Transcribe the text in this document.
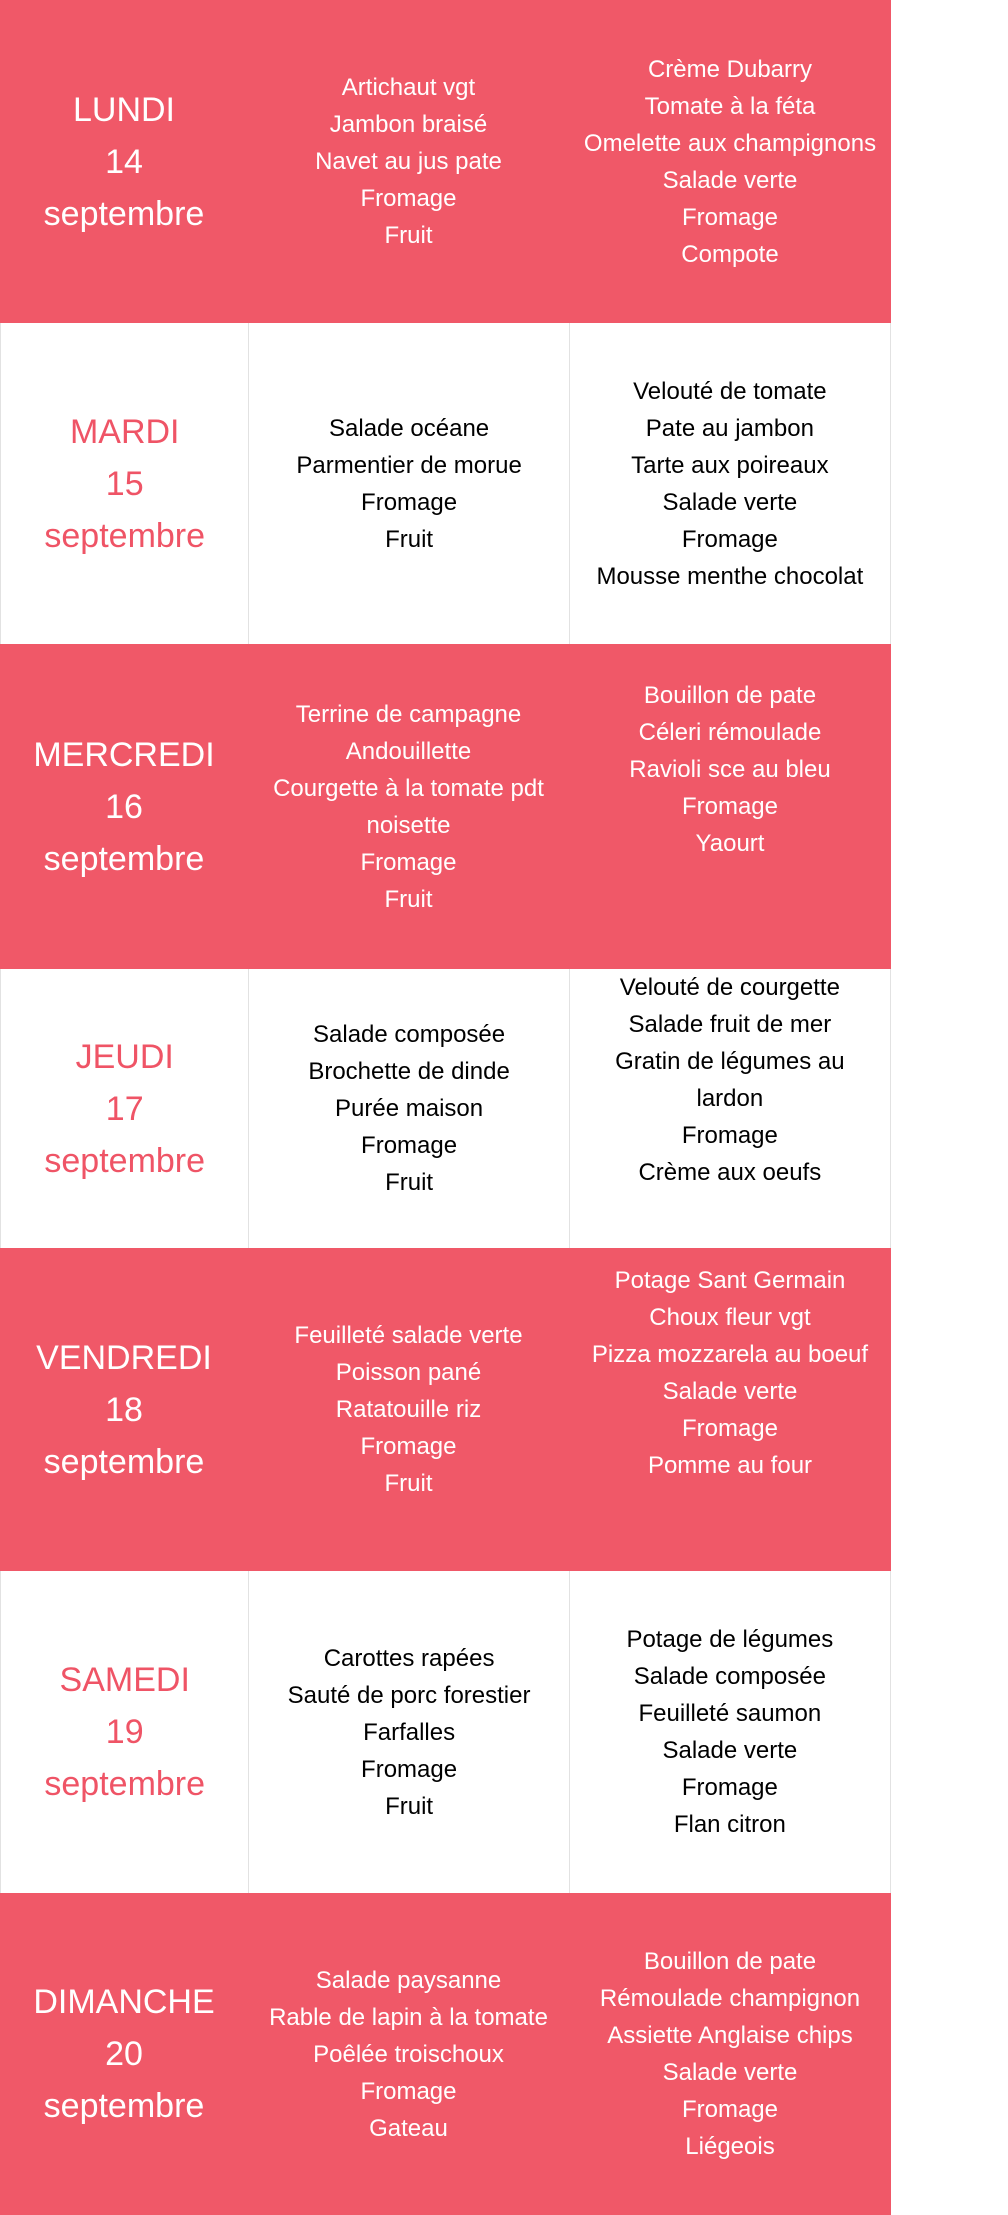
LUNDI
14
septembre
Artichaut vgt
Jambon braisé
Navet au jus pate
Fromage
Fruit
Crème Dubarry
Tomate à la féta
Omelette aux champignons
Salade verte
Fromage
Compote
MARDI
15
septembre
Salade océane
Parmentier de morue
Fromage
Fruit
Velouté de tomate
Pate au jambon
Tarte aux poireaux
Salade verte
Fromage
Mousse menthe chocolat
MERCREDI
16
septembre
Terrine de campagne
Andouillette
Courgette à la tomate pdt noisette
Fromage
Fruit
Bouillon de pate
Céleri rémoulade
Ravioli sce au bleu
Fromage
Yaourt
JEUDI
17
septembre
Salade composée
Brochette de dinde
Purée maison
Fromage
Fruit
Velouté de courgette
Salade fruit de mer
Gratin de légumes au lardon
Fromage
Crème aux oeufs
VENDREDI
18
septembre
Feuilleté salade verte
Poisson pané
Ratatouille riz
Fromage
Fruit
Potage Sant Germain
Choux fleur vgt
Pizza mozzarela au boeuf
Salade verte
Fromage
Pomme au four
SAMEDI
19
septembre
Carottes rapées
Sauté de porc forestier
Farfalles
Fromage
Fruit
Potage de légumes
Salade composée
Feuilleté saumon
Salade verte
Fromage
Flan citron
DIMANCHE
20
septembre
Salade paysanne
Rable de lapin à la tomate
Poêlée troischoux
Fromage
Gateau
Bouillon de pate
Rémoulade champignon
Assiette Anglaise chips
Salade verte
Fromage
Liégeois
